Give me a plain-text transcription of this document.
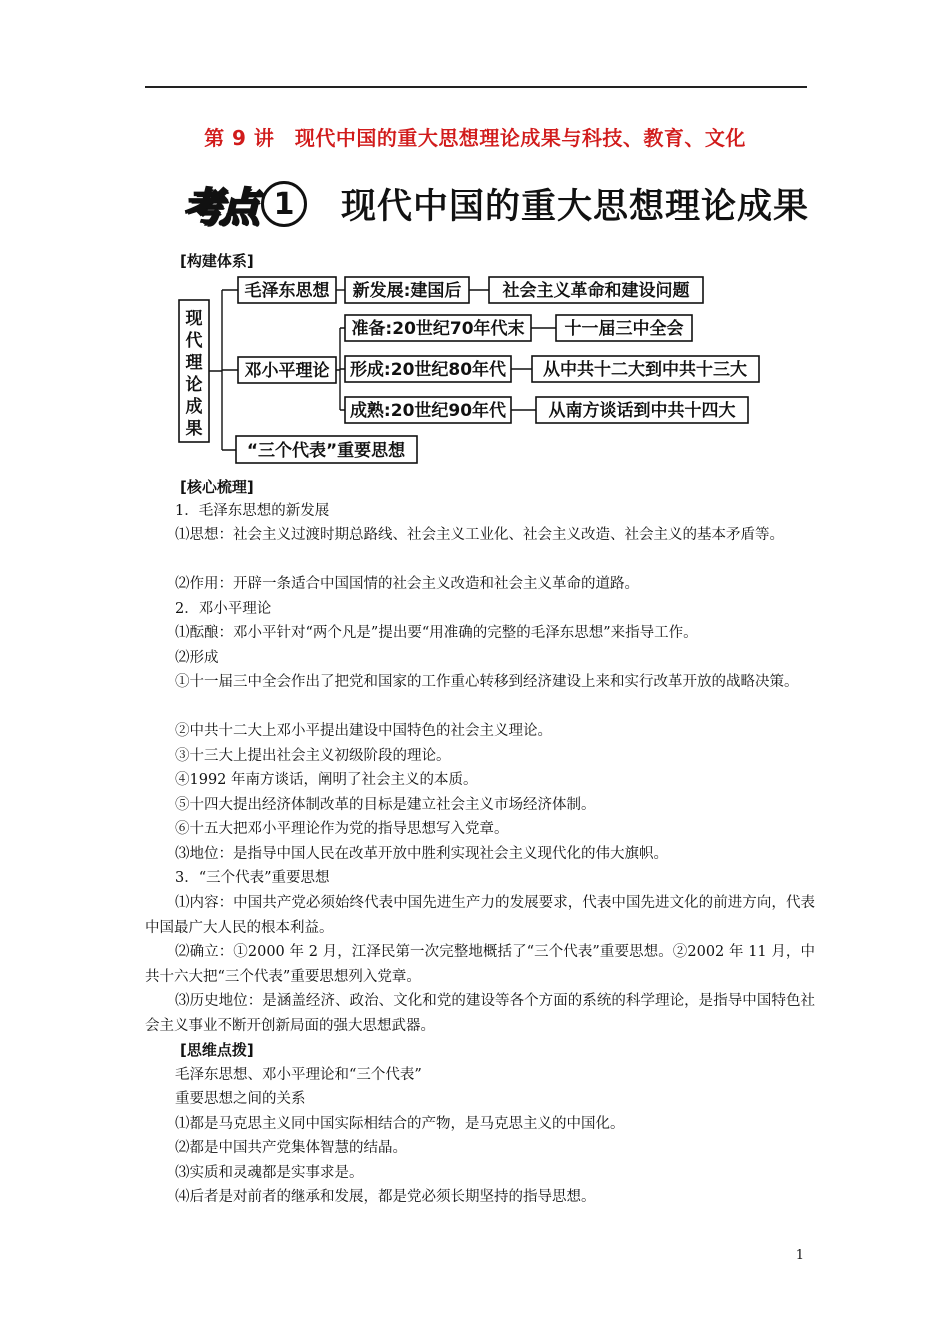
第 9 讲　现代中国的重大思想理论成果与科技、教育、文化
考点 1	现代中国的重大思想理论成果
[构建体系]
现
代
理
论
成
果
毛泽东思想 新发展:建国后 社会主义革命和建设问题
邓小平理论
准备:20世纪70年代末 十一届三中全会
形成:20世纪80年代 从中共十二大到中共十三大
成熟:20世纪90年代 从南方谈话到中共十四大
“三个代表”重要思想
[核心梳理]
1．毛泽东思想的新发展
⑴思想：社会主义过渡时期总路线、社会主义工业化、社会主义改造、社会主义的基本矛盾等。
⑵作用：开辟一条适合中国国情的社会主义改造和社会主义革命的道路。
2．邓小平理论
⑴酝酿：邓小平针对“两个凡是”提出要“用准确的完整的毛泽东思想”来指导工作。
⑵形成
①十一届三中全会作出了把党和国家的工作重心转移到经济建设上来和实行改革开放的战略决策。
②中共十二大上邓小平提出建设中国特色的社会主义理论。
③十三大上提出社会主义初级阶段的理论。
④1992 年南方谈话，阐明了社会主义的本质。
⑤十四大提出经济体制改革的目标是建立社会主义市场经济体制。
⑥十五大把邓小平理论作为党的指导思想写入党章。
⑶地位：是指导中国人民在改革开放中胜利实现社会主义现代化的伟大旗帜。
3．“三个代表”重要思想
⑴内容：中国共产党必须始终代表中国先进生产力的发展要求，代表中国先进文化的前进方向，代表中国最广大人民的根本利益。
⑵确立：①2000 年 2 月，江泽民第一次完整地概括了“三个代表”重要思想。②2002 年 11 月，中共十六大把“三个代表”重要思想列入党章。
⑶历史地位：是涵盖经济、政治、文化和党的建设等各个方面的系统的科学理论，是指导中国特色社会主义事业不断开创新局面的强大思想武器。
[思维点拨]
毛泽东思想、邓小平理论和“三个代表”
重要思想之间的关系
⑴都是马克思主义同中国实际相结合的产物，是马克思主义的中国化。
⑵都是中国共产党集体智慧的结晶。
⑶实质和灵魂都是实事求是。
⑷后者是对前者的继承和发展，都是党必须长期坚持的指导思想。
1
